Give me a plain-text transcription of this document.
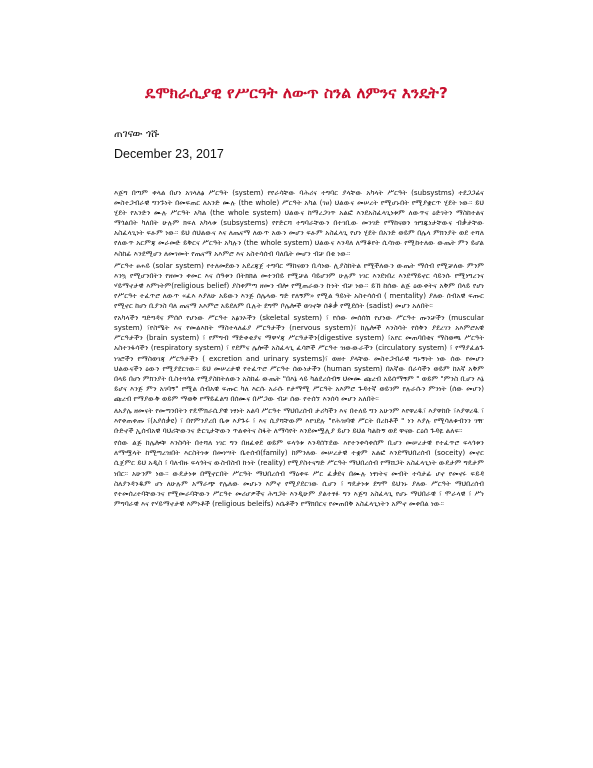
ዴሞክራሲያዊ የሥርዓት ለውጥ ስንል ለምንና እንዴት?

ጠገናው ጎሹ

December 23, 2017

እጅግ በጣም ቀላል በሆነ አገላለፅ ሥርዓት (system) የየራሳቸው ባሕሪና ተግባር ያላቸው አካላት ሥርዓት (subsystms) ተደጋጋፊና መስተጋብራዊ ግንኙነት በመፍጠር ለአንድ ሙሉ (the whole) ሥርዓት አካል (ገፀ) ህልውና መሠረት የሚሆኑበት የሚያቋርጥ ሂደት ነው። ይህ ሂደት የአንድን ሙሉ ሥርዓት አካል (the whole system) ህልውና ከማረጋገጥ አልፎ እንደአስፈላጊነቱም ለውጥና ዕድገትን ማስከተልና ማጎልበት ካለበት ሁሉም ክፍለ አካላቱ (subsystems) የየድርሻ ተግባራቸውን በተገቢው መንገድ የማከናወን ዝግጁነታቸውና ብቃታቸው አስፈላጊነት ፍፁም ነው። ይህ ሰህልውና እና ለጤናማ ለውጥ አውን መሆን ፍፁም አስፈላጊ የሆነ ሂደት በአንድ ወይም በሌላ ምክንያት ወደ ተሻለ የለውጥ አርምጃ መራመድ ይቅርና ሥርዓት አካሉን (the whole system) ህልውና እንዳለ ለማቆየት ሲሳነው የሚከተለው ውጤት ምን ይሆል እስከፊ እንደሚሆን ለመገመት የጤናማ አእምሮ እና አስተሳሰብ ባለቤት መሆን ብቻ በቂ ነው።

ሥርዓተ ፀሐይ (solar system) የተለመደውን አደረጃጀ ተግባር ማከናወን ቢሳነው ሊያስከትል የሚችለውን ውጤት ማሰብ የሚቻለው ምንም እንኳ የሚሆንበትን የዘመን ቀመር እና ሰዓቱን በትክክል መተንበይ የሚቻል ባይሆንም ሁሉም ነገር እንደነበረ እንደማይኖር ሳይንሱ የሚነግረንና ሃይማኖታዊ እምነትም(religious belief) ያስቀምጣ ዘመን ብሎ የሚጠራውን ኩነት ብቻ ነው። ይኸ ከሰው ልጅ ዕውቀትና አቅም በላይ የሆነ የሥርዓተ ተፈጥሮ ለውጥ «ፈእ እያለሁ አይውን እንጅ ሰሌላው ግድ የለኝም» የሚል ዓይነት አስተሳሰብ ( mentality) ያለው ሰብአዊ ፍጡር የሚኖር ከሆነ ቢያንስ ባለ ጤናማ አእምሮ አይደለም ቢሉት ደግሞ ቦሌሎች ወገኖቹ ሰቆቃ የሚደሰት (sadist) መሆን አለበት።

የአካላችን ግድግዳና ምሰሶ የሆነው ሥርዓተ አፅንኦችን (skeletal system) ፣ የሰው መሰሰሽ የሆነው ሥርዓተ ጡንቻችን (muscular system) ፣የስሜት እና የመልእክት ማስተላለፊያ ሥርዓታችን (nervous system)፣ ከሌሎች እንስሳት የሰቅን ያደረገን አእምሮአዊ ሥርዓታችን (brain system) ፣ የምግብ ማድቀቂያና ማዋሃጃ ሥርዓታችን(digestive system) ፣አየር መጠባበቂና ማስወጫ ሥርዓት አስተንፋሳችን (respiratory system) ፣ የደምና ሌሎች አስፈላጊ ፈሳሾች ሥርዓተ ዝውውራችን (circulatory system) ፣ የማያፈልጉ ነገሮችን የማስወገጃ ሥርዓታችን ( excretion and urinary systems)፣ ወዘተ ያላቸው መስተጋብራዊ ግኑኝነት ነው ሰው የመሆን ህልውናችን ዕውን የሚያደርገው። ይህ መሠረታዊ የተፈጥሮ ሥርዓተ ሰውነታችን (human system) በአኛው በራሳችን ወይም ከአኛ አቅም በላይ በሆነ ምክንያት ቢስተጓጎል የሚያስከትለውን አስከፊ ውጤት "በእኔ ላይ ካልደረሰብኝ ህመሙ ጩረብ አይሰማኝም " ወይም "ምንስ ቢሆን እኔ ይሆና እንጅ ምን አገባኝ" የሚል ሰብአዊ ፍጡር ካለ እርሱ አራሱ የታማሚ ሥርዓት አእምሮ ጉዳተኛ ወይንም የሉራሱን ምንነት (ሰው መሆን) ጩረብ የማያውቅ ወይም ማወቅ የማይፈልግ በሰሙና በሥጋው ብቻ ሰው የተሰኘ እንሰሳ መሆን አለበት።

ለአያሌ ዘመናት የመጣንበትን የዴሞክራሲያዊ ነፃነት አልባ ሥርዓተ ማህበረሰብ ታሪካችን እና በተለይ ግን አሁንም እየዋረዱ፣ እያዋከቡ ፣እያዋረዱ ፣ እየቀጠቀጡ ፣(አያሰቃዩ) ፣ በየምንያረበ ቤቱ እያጉሩ ፣ እና ሲያሻቸውም እየገደሉ "የሕዝባዊ ሥርት በረከቶች " ነን እያሉ የሚሳለቁብንን ገዥ ቡድኖች ኢሰብአዊ ባህሪቸውንና ድርጊታቸውን ጥልቀትና ስፋት ለማሳየት እንደመሟሊያ ይሆን ይህል ካልኩኝ ወደ ዋናው ርዕሰ ጉዳዬ ልለፍ።

የሰው ልጅ ከሌሎቹ እንስሳት በተሻለ ነገር ግን በዘፈቀደ ወይም ፍላጎቱ እንዳሰኘደው እየተንቀሳቀሰም ቢሆን መሠረታዊ የተፈጥሮ ፍላጎቱን ለማሟላት ከሚጣረዝበት እርስትነቱ በመነሣት ቤተሰብ(family) ከምንለው መሠረታዊ ተቋም አልፎ እንደማህበረሰብ (soceity) መኖር ሲጀምር ይህ አዲስ ፣ ባለብዙ ፍላጎትና ውስብስብ ኩነት (reality) የሚያስተናግድ ሥርዓት ማህበረሰብ የማሸጋት አስፈላጊነት ውዴታም ግዴታም ነበር። አሁንም ነው። ውዴታነቱ በሚኖርበት ሥርዓት ማህበረሰብ ማዕቀፍ ሥር ፈቃደና በሙሉ ነፃነትና መብት ተሳታፊ ሆኖ የመኖሩ ፍይዳ ስለያንዳንዱም ሆነ ለሁሉም አማራጭ የሌለው መሆኑን እምኖ የሚያደርገው ሲሆን ፣ ግዴታነቱ ደግሞ ይህንኑ ያለው ሥርዓት ማህበረሰብ የተመሰረተባቸውንና የሚመራባቸውን ሥርዓተ መሪሆዎችና ሕግጋት እንዲሁም ያልተፃፉ ግን እጅግ አስፈላጊ የሆኑ ማህበራዊ ፣ ሞራላዊ ፣ ሥነ ምግባራዊ እና የሃይማኖታዊ እምነቶች (religious beleifs) እሴቶችን የማክበርና የመጠበቅ አስፈላጊነትን አምኖ መቀበል ነው።
